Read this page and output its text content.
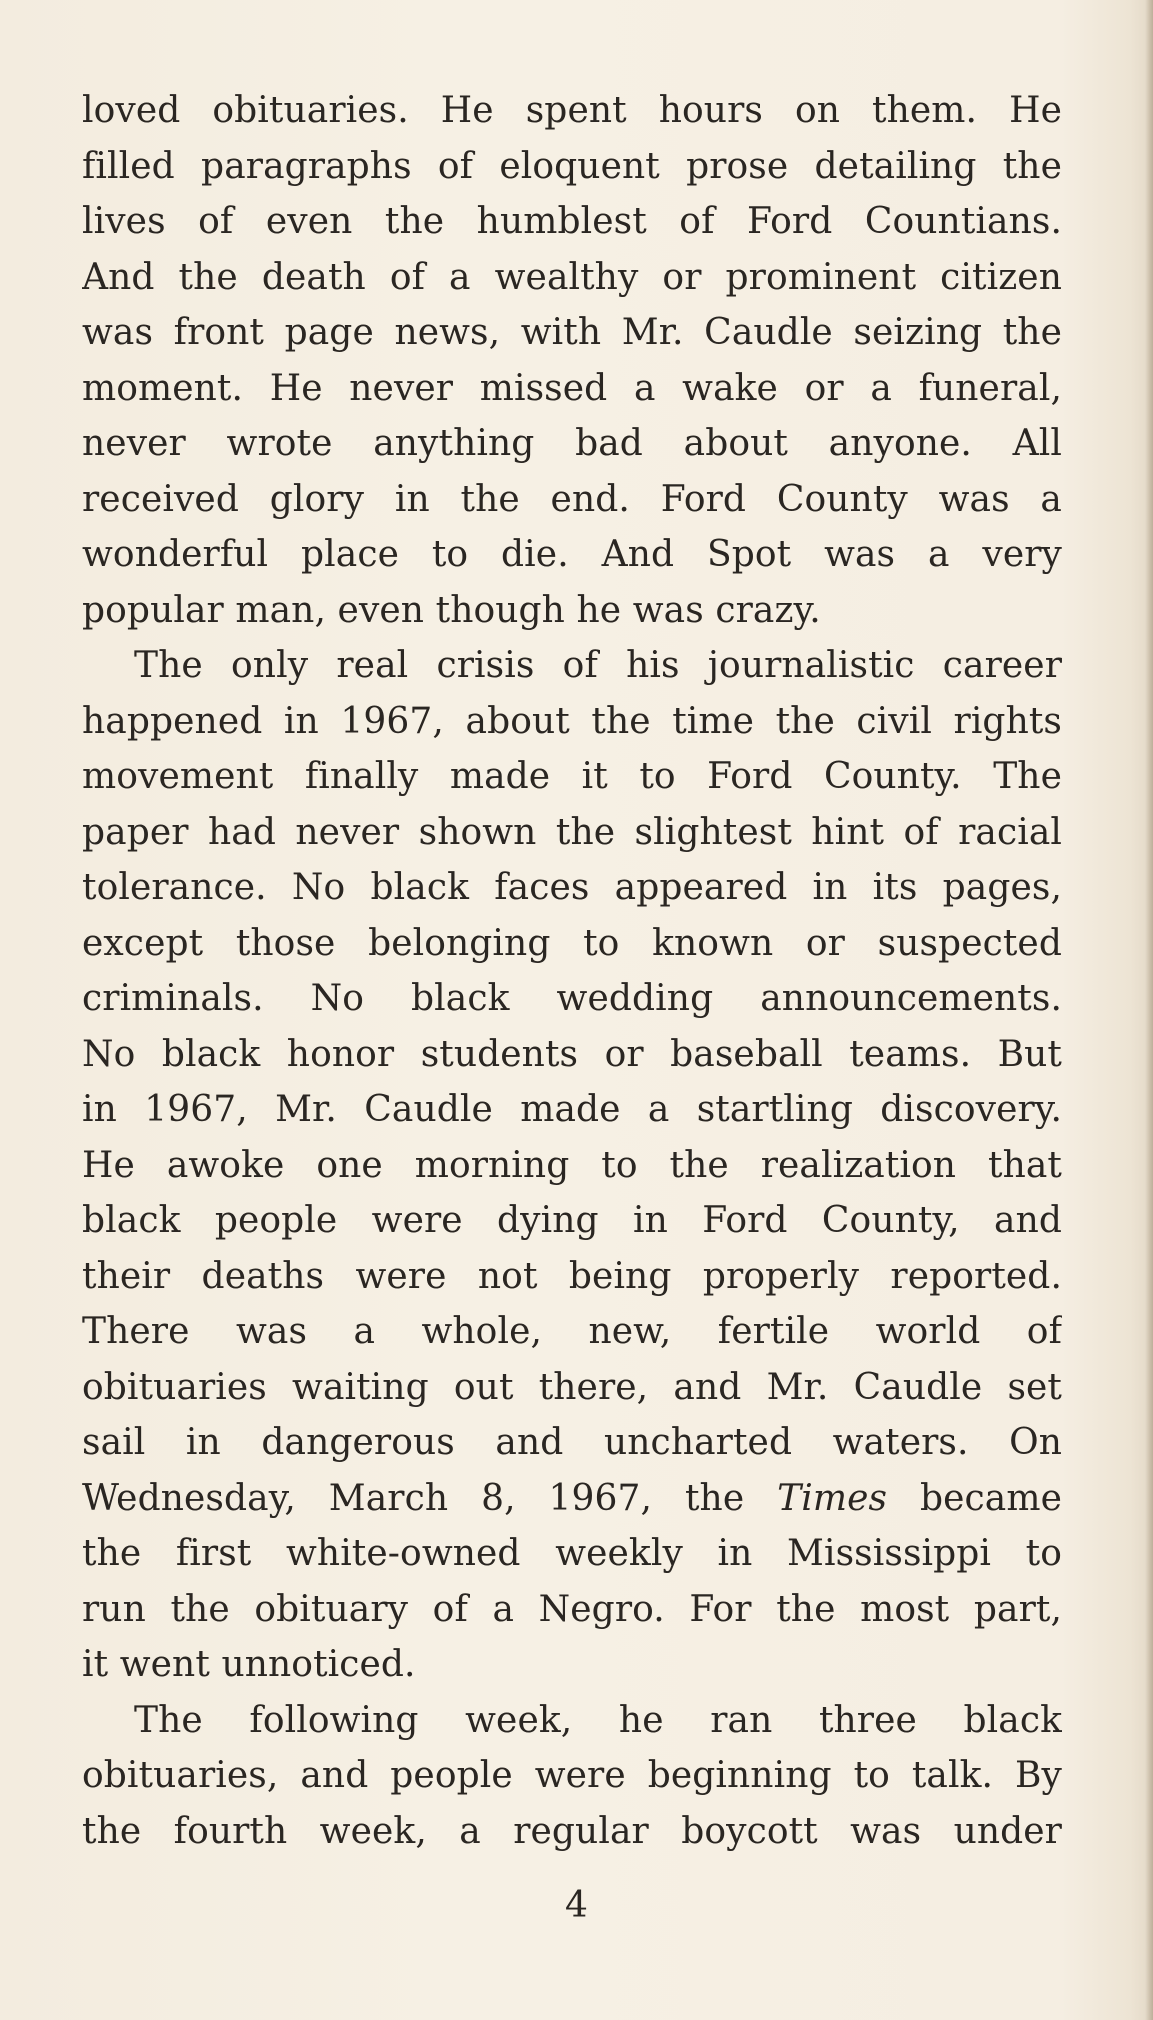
loved obituaries. He spent hours on them. He
filled paragraphs of eloquent prose detailing the
lives of even the humblest of Ford Countians.
And the death of a wealthy or prominent citizen
was front page news, with Mr. Caudle seizing the
moment. He never missed a wake or a funeral,
never wrote anything bad about anyone. All
received glory in the end. Ford County was a
wonderful place to die. And Spot was a very
popular man, even though he was crazy.
The only real crisis of his journalistic career
happened in 1967, about the time the civil rights
movement finally made it to Ford County. The
paper had never shown the slightest hint of racial
tolerance. No black faces appeared in its pages,
except those belonging to known or suspected
criminals. No black wedding announcements.
No black honor students or baseball teams. But
in 1967, Mr. Caudle made a startling discovery.
He awoke one morning to the realization that
black people were dying in Ford County, and
their deaths were not being properly reported.
There was a whole, new, fertile world of
obituaries waiting out there, and Mr. Caudle set
sail in dangerous and uncharted waters. On
Wednesday, March 8, 1967, the Times became
the first white-owned weekly in Mississippi to
run the obituary of a Negro. For the most part,
it went unnoticed.
The following week, he ran three black
obituaries, and people were beginning to talk. By
the fourth week, a regular boycott was under
4
